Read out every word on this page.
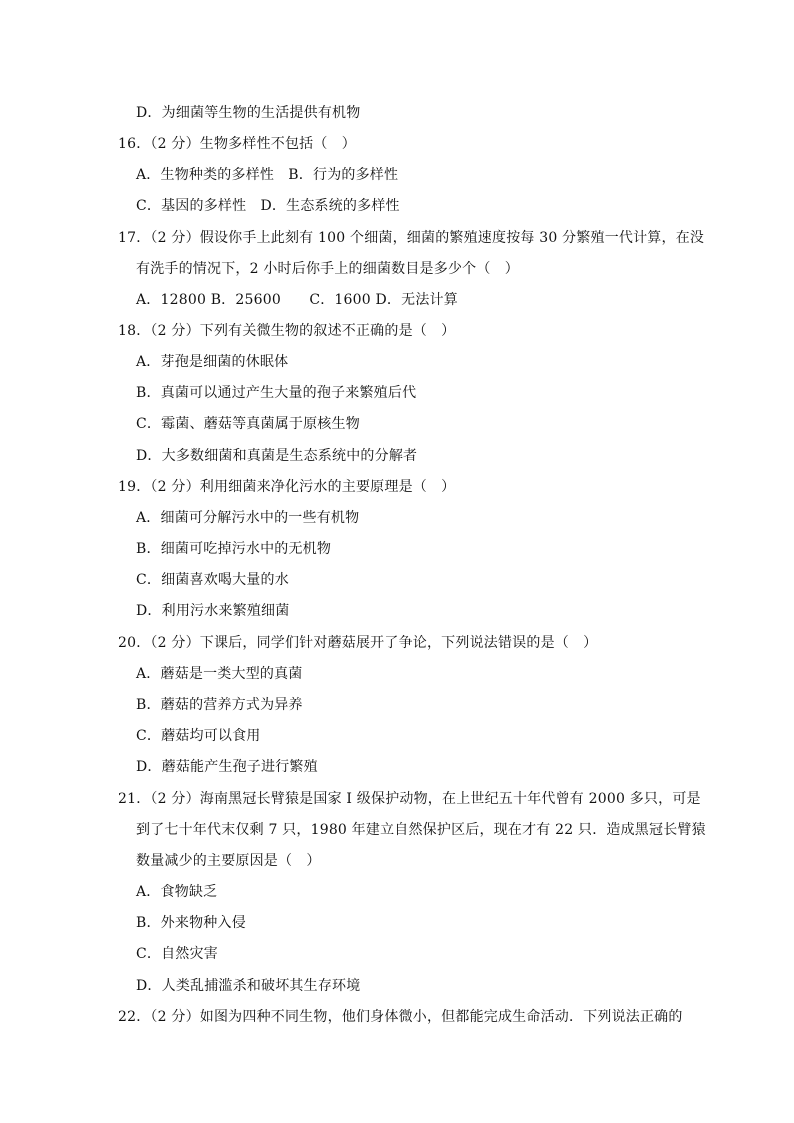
D．为细菌等生物的生活提供有机物
16．（2 分）生物多样性不包括（　）
A．生物种类的多样性　B．行为的多样性
C．基因的多样性　D．生态系统的多样性
17．（2 分）假设你手上此刻有 100 个细菌，细菌的繁殖速度按每 30 分繁殖一代计算，在没
有洗手的情况下，2 小时后你手上的细菌数目是多少个（　）
A．12800 B．25600　　C．1600 D．无法计算
18．（2 分）下列有关微生物的叙述不正确的是（　）
A．芽孢是细菌的休眠体
B．真菌可以通过产生大量的孢子来繁殖后代
C．霉菌、蘑菇等真菌属于原核生物
D．大多数细菌和真菌是生态系统中的分解者
19．（2 分）利用细菌来净化污水的主要原理是（　）
A．细菌可分解污水中的一些有机物
B．细菌可吃掉污水中的无机物
C．细菌喜欢喝大量的水
D．利用污水来繁殖细菌
20．（2 分）下课后，同学们针对蘑菇展开了争论，下列说法错误的是（　）
A．蘑菇是一类大型的真菌
B．蘑菇的营养方式为异养
C．蘑菇均可以食用
D．蘑菇能产生孢子进行繁殖
21．（2 分）海南黑冠长臂猿是国家 I 级保护动物，在上世纪五十年代曾有 2000 多只，可是
到了七十年代末仅剩 7 只，1980 年建立自然保护区后，现在才有 22 只．造成黑冠长臂猿
数量减少的主要原因是（　）
A．食物缺乏
B．外来物种入侵
C．自然灾害
D．人类乱捕滥杀和破坏其生存环境
22．（2 分）如图为四种不同生物，他们身体微小，但都能完成生命活动．下列说法正确的
